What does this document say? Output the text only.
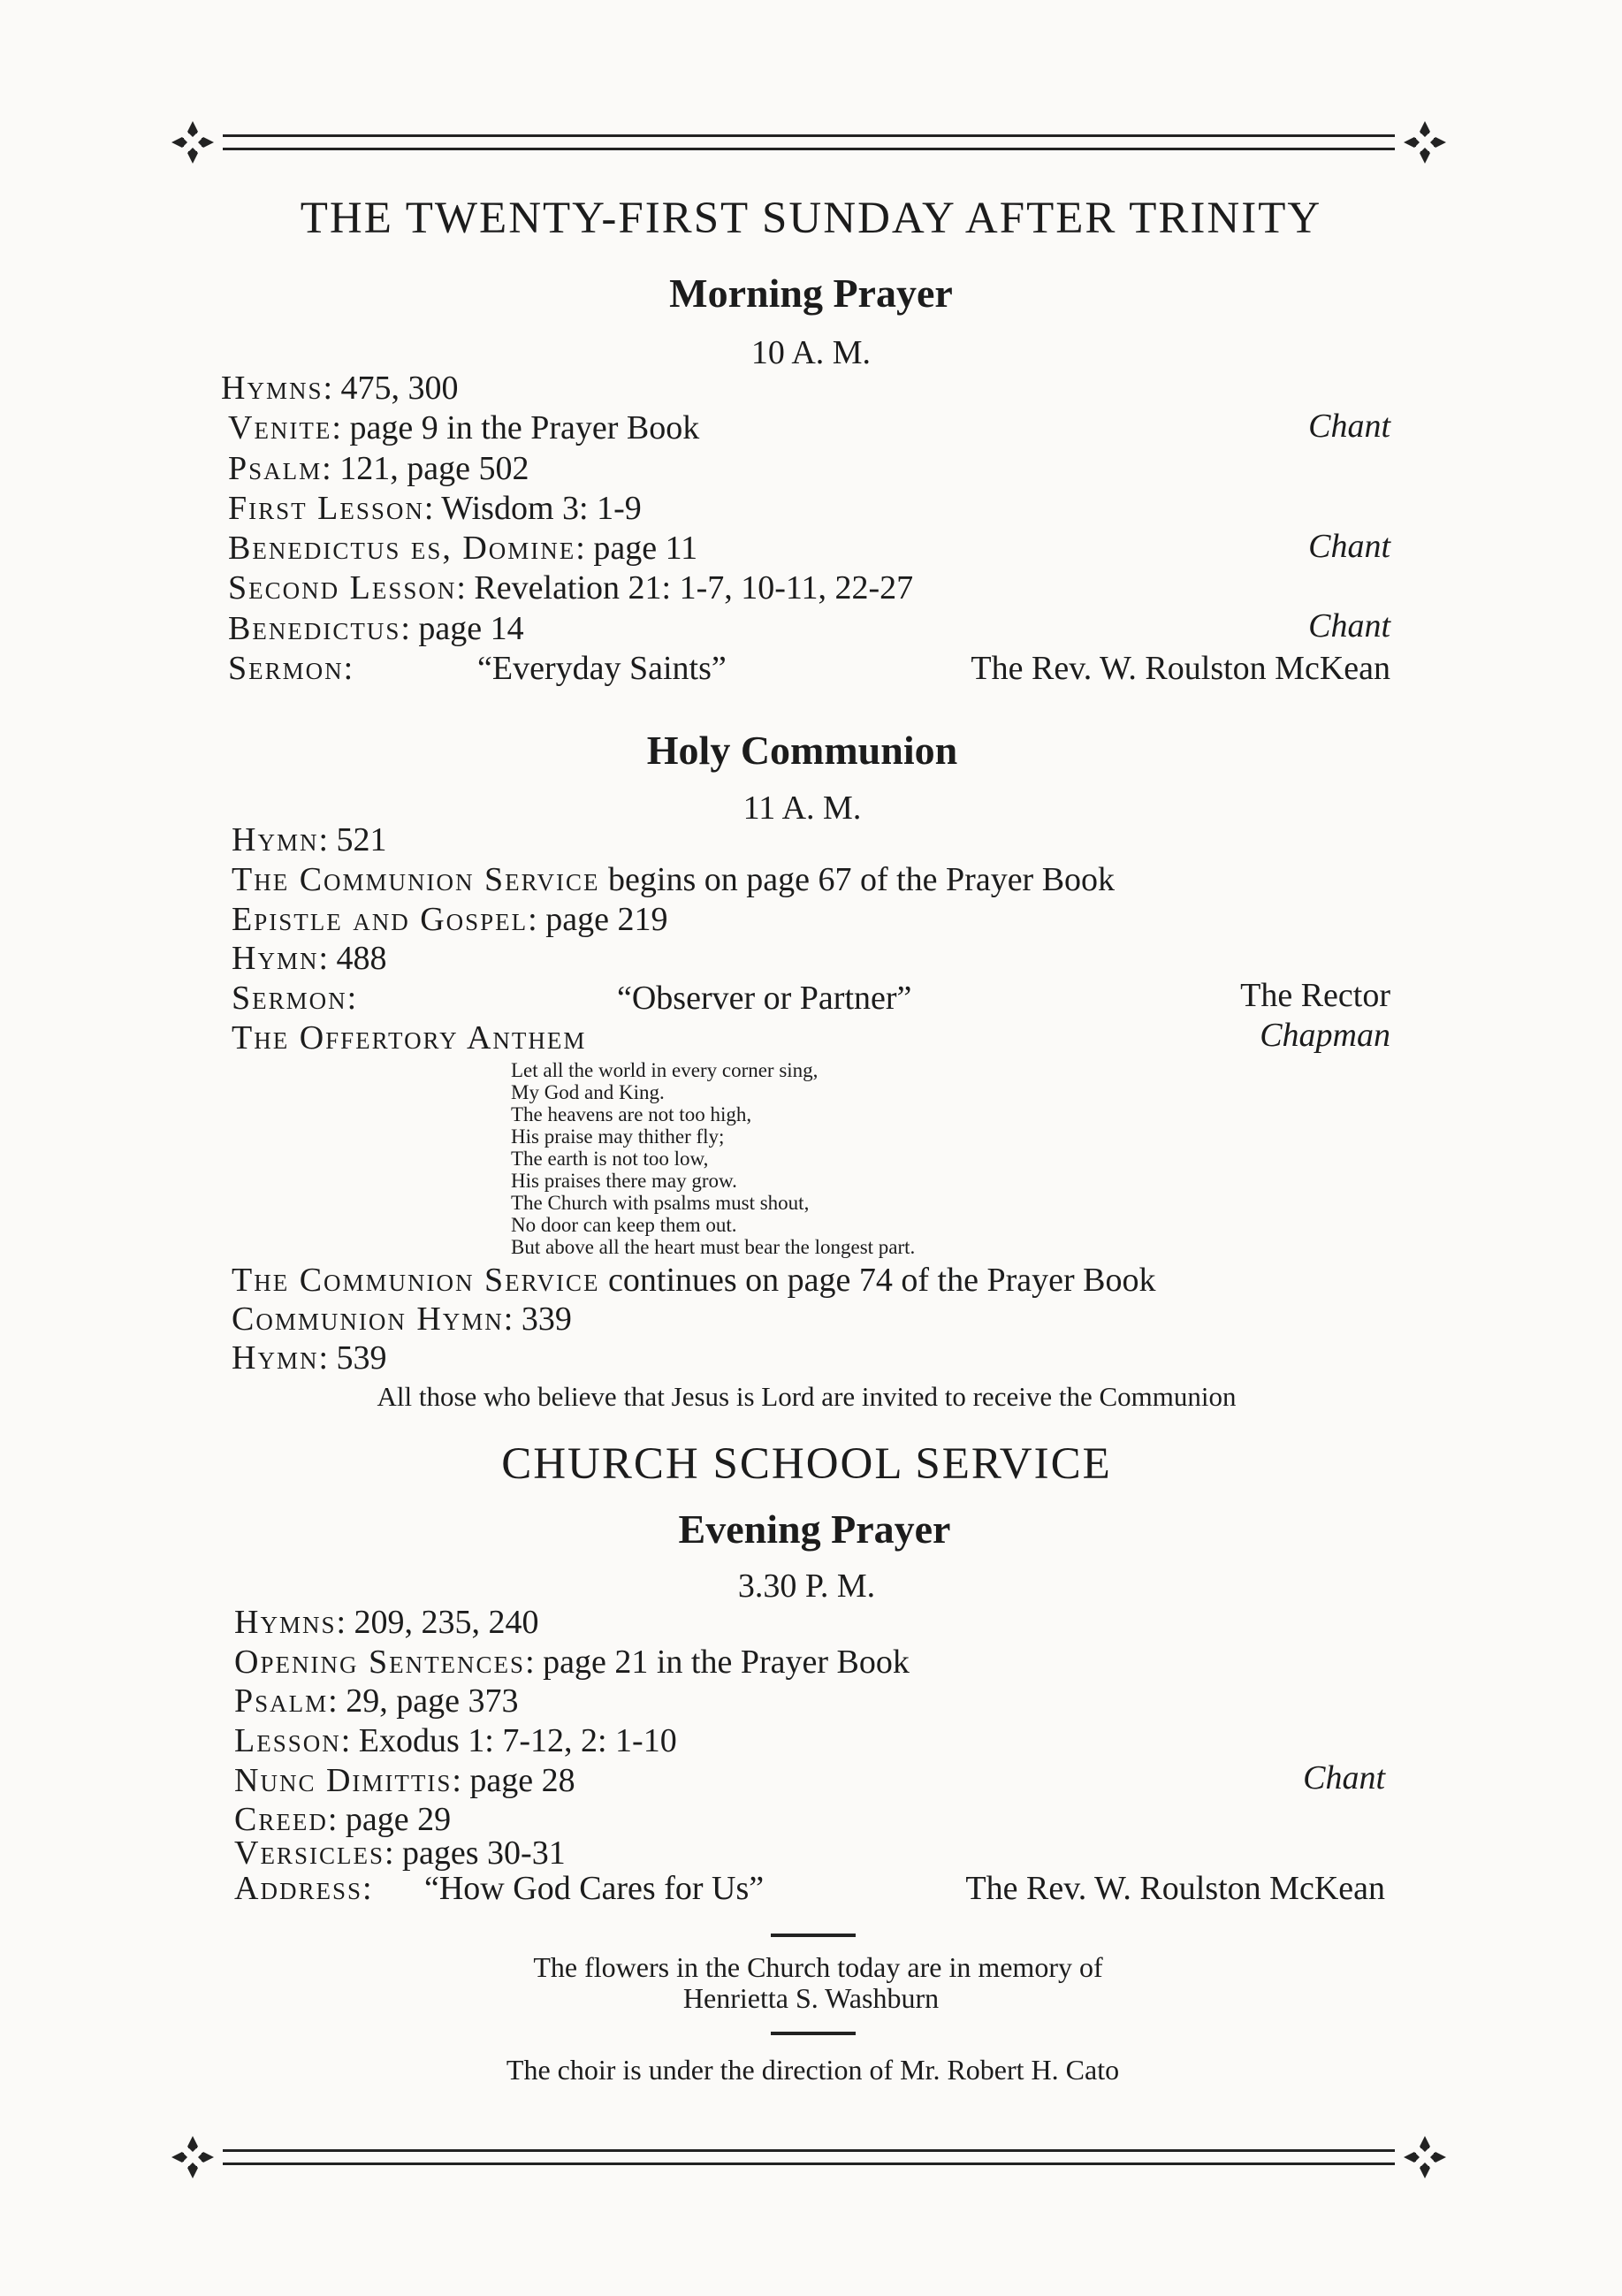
THE TWENTY-FIRST SUNDAY AFTER TRINITY
Morning Prayer
10 A. M.
Hymns: 475, 300
Venite: page 9 in the Prayer Book	Chant
Psalm: 121, page 502
First Lesson: Wisdom 3: 1-9
Benedictus es, Domine: page 11	Chant
Second Lesson: Revelation 21: 1-7, 10-11, 22-27
Benedictus: page 14	Chant
Sermon:	“Everyday Saints”	The Rev. W. Roulston McKean
Holy Communion
11 A. M.
Hymn: 521
The Communion Service begins on page 67 of the Prayer Book
Epistle and Gospel: page 219
Hymn: 488
Sermon:	“Observer or Partner”	The Rector
The Offertory Anthem	Chapman
Let all the world in every corner sing,
My God and King.
The heavens are not too high,
His praise may thither fly;
The earth is not too low,
His praises there may grow.
The Church with psalms must shout,
No door can keep them out.
But above all the heart must bear the longest part.
The Communion Service continues on page 74 of the Prayer Book
Communion Hymn: 339
Hymn: 539
All those who believe that Jesus is Lord are invited to receive the Communion
CHURCH SCHOOL SERVICE
Evening Prayer
3.30 P. M.
Hymns: 209, 235, 240
Opening Sentences: page 21 in the Prayer Book
Psalm: 29, page 373
Lesson: Exodus 1: 7-12, 2: 1-10
Nunc Dimittis: page 28	Chant
Creed: page 29
Versicles: pages 30-31
Address: “How God Cares for Us”	The Rev. W. Roulston McKean
The flowers in the Church today are in memory of
Henrietta S. Washburn
The choir is under the direction of Mr. Robert H. Cato
